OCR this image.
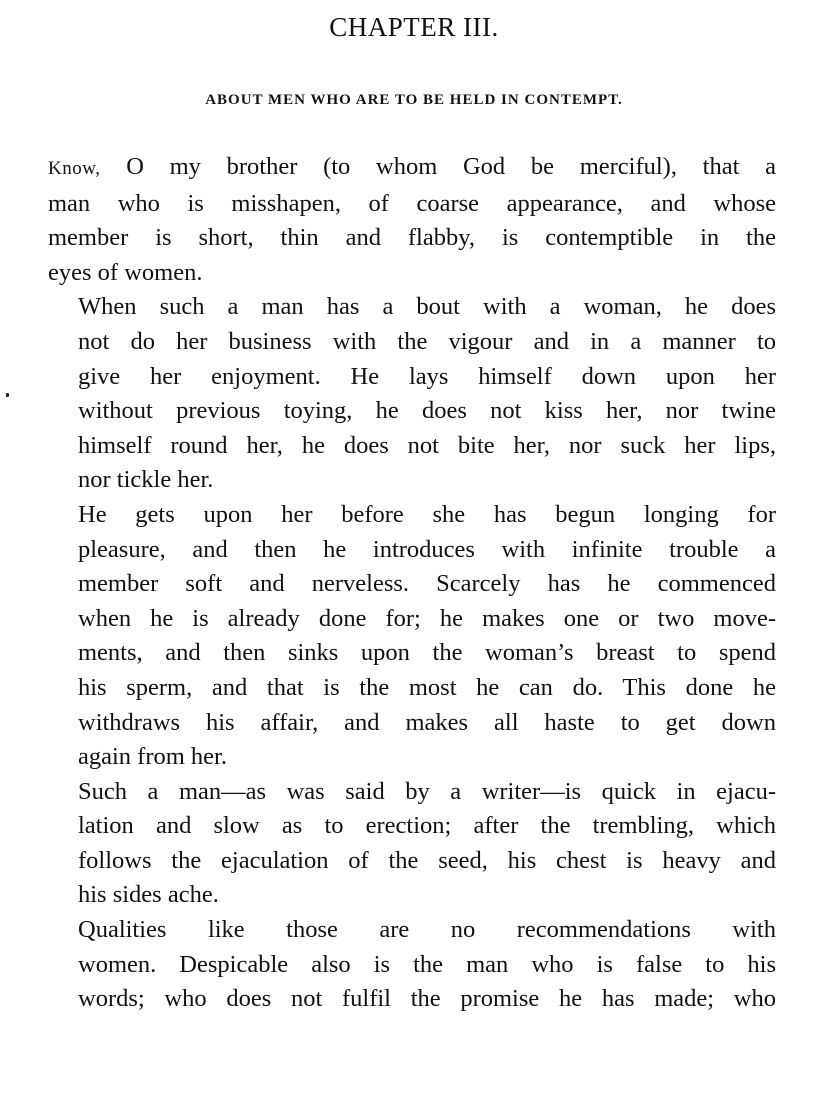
CHAPTER III.
ABOUT MEN WHO ARE TO BE HELD IN CONTEMPT.

Know, O my brother (to whom God be merciful), that a
man who is misshapen, of coarse appearance, and whose
member is short, thin and flabby, is contemptible in the
eyes of women.

When such a man has a bout with a woman, he does
not do her business with the vigour and in a manner to
give her enjoyment. He lays himself down upon her
without previous toying, he does not kiss her, nor twine
himself round her, he does not bite her, nor suck her lips,
nor tickle her.

He gets upon her before she has begun longing for
pleasure, and then he introduces with infinite trouble a
member soft and nerveless. Scarcely has he commenced
when he is already done for; he makes one or two move-
ments, and then sinks upon the woman’s breast to spend
his sperm, and that is the most he can do. This done he
withdraws his affair, and makes all haste to get down
again from her.

Such a man—as was said by a writer—is quick in ejacu-
lation and slow as to erection; after the trembling, which
follows the ejaculation of the seed, his chest is heavy and
his sides ache.

Qualities like those are no recommendations with
women. Despicable also is the man who is false to his
words; who does not fulfil the promise he has made; who
